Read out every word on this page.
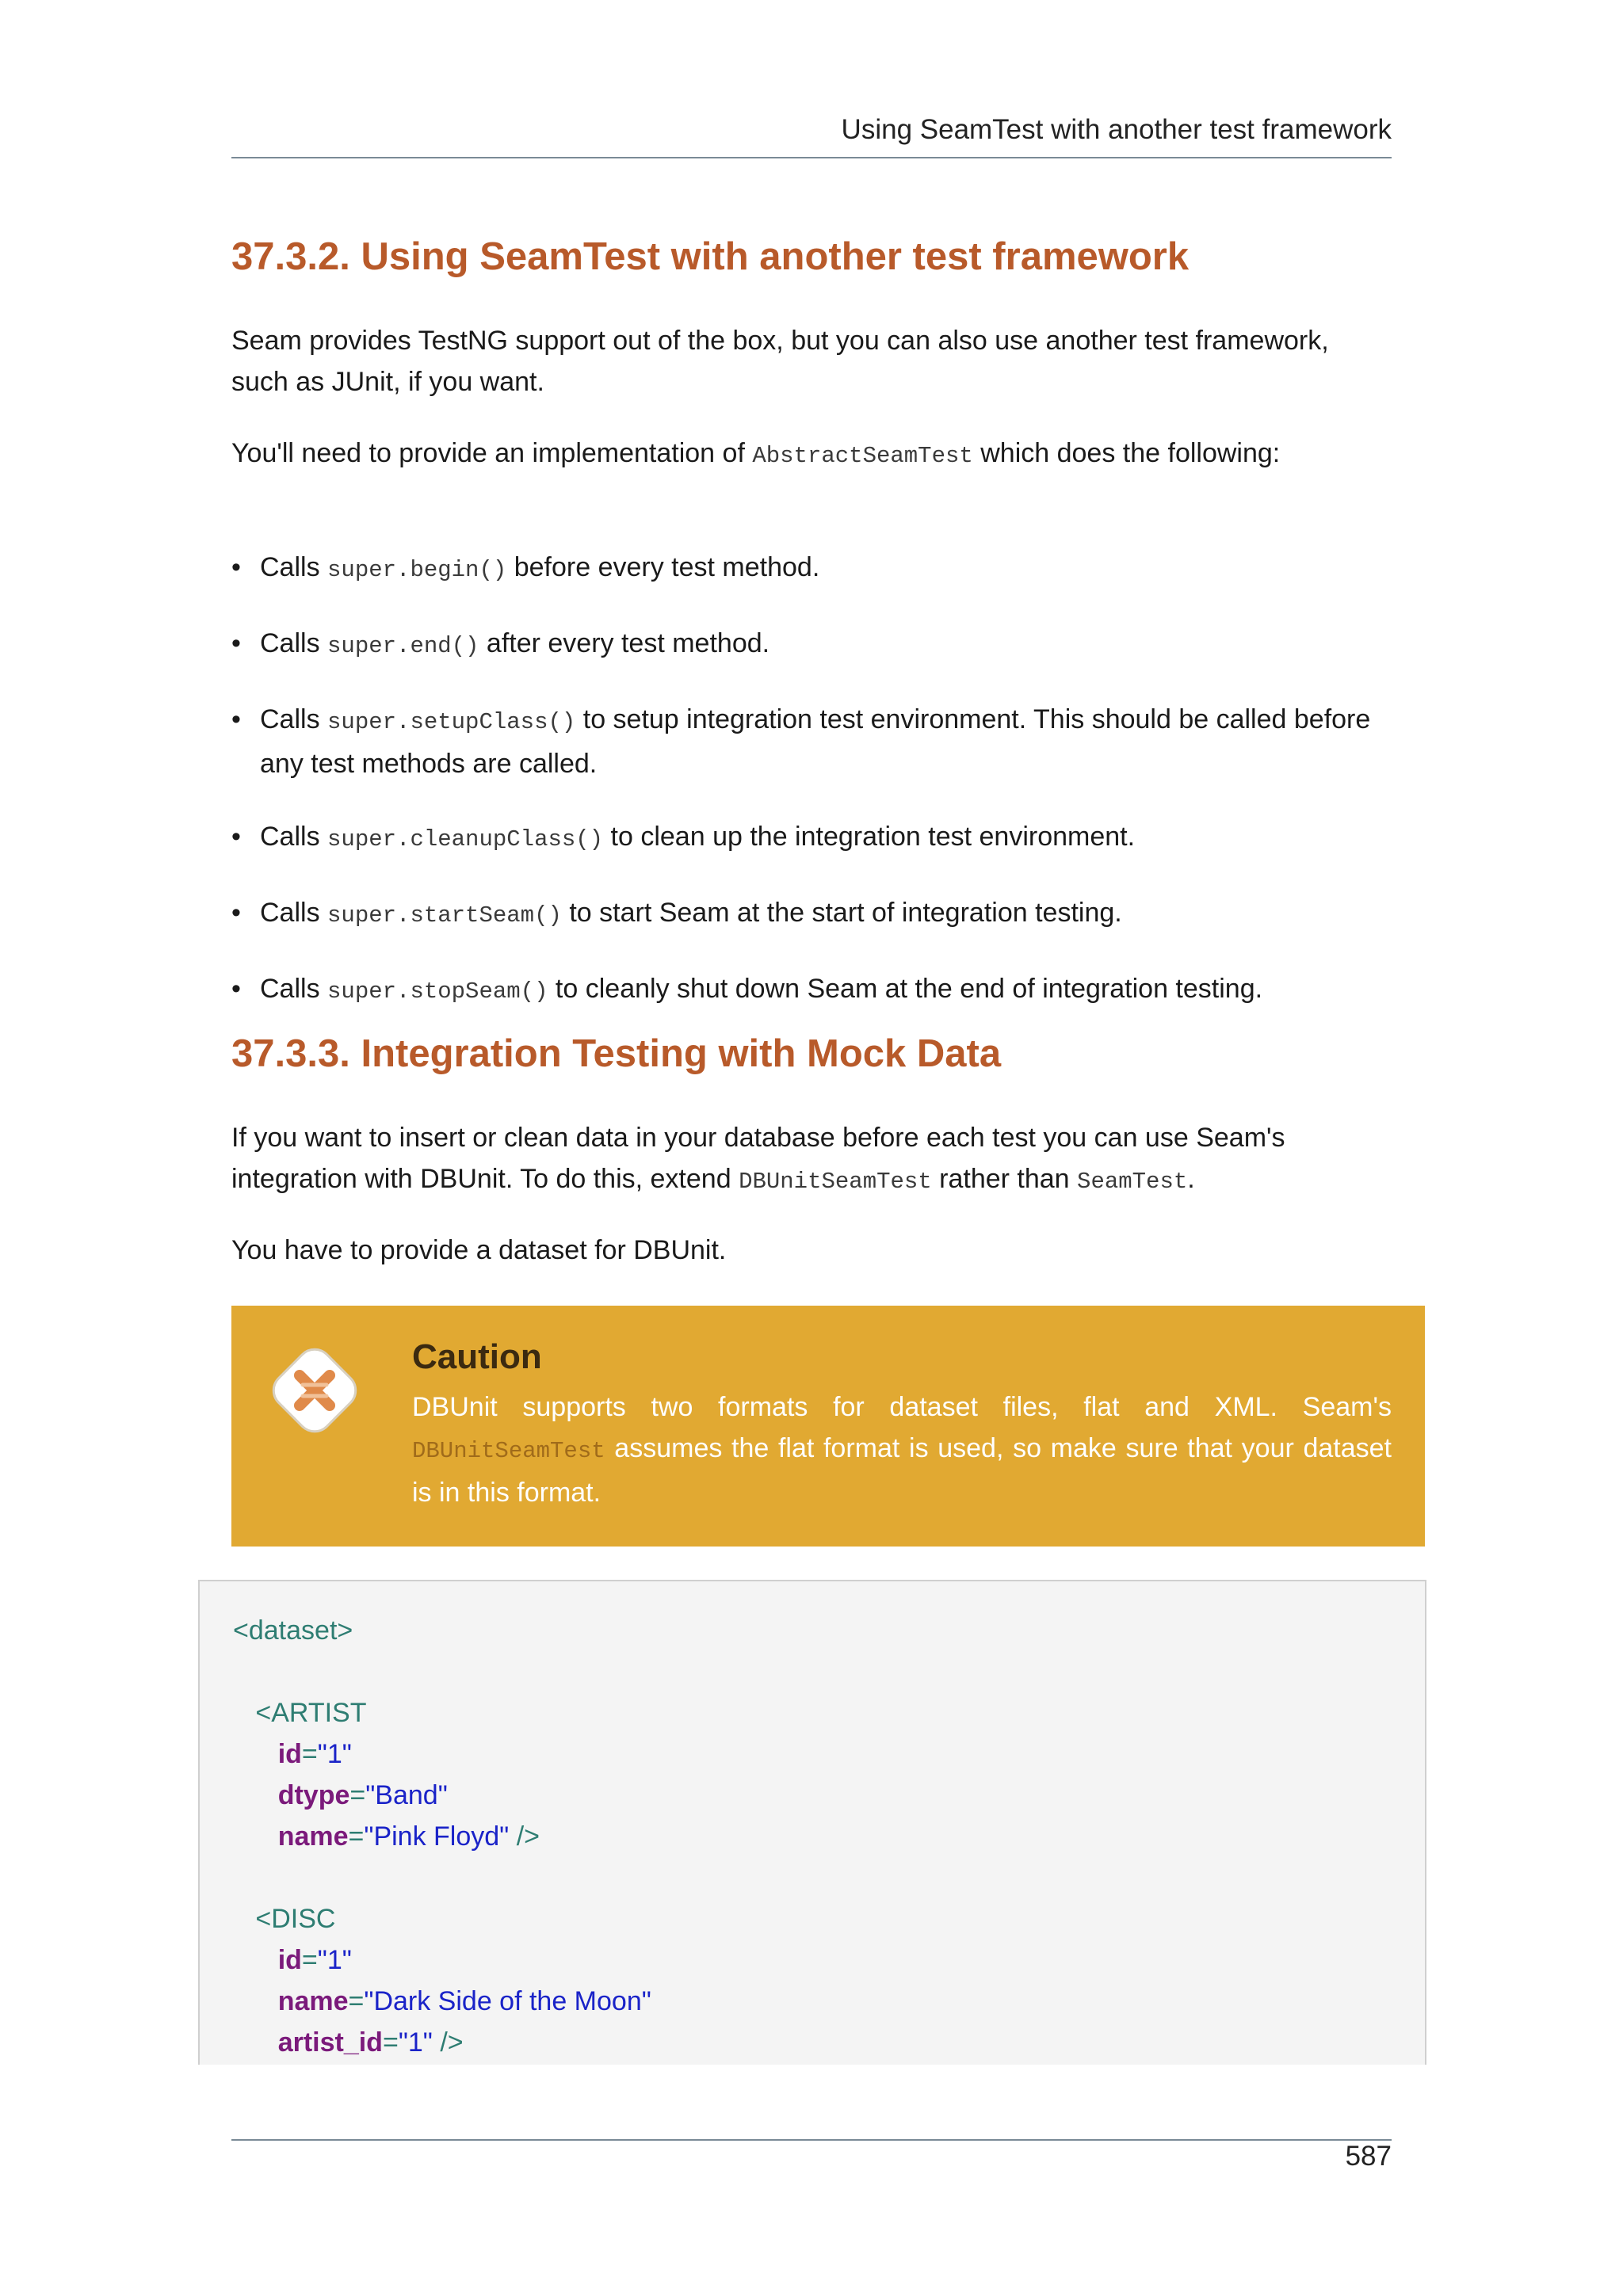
Using SeamTest with another test framework
37.3.2. Using SeamTest with another test framework

Seam provides TestNG support out of the box, but you can also use another test framework, such as JUnit, if you want.

You'll need to provide an implementation of AbstractSeamTest which does the following:

• Calls super.begin() before every test method.
• Calls super.end() after every test method.
• Calls super.setupClass() to setup integration test environment. This should be called before any test methods are called.
• Calls super.cleanupClass() to clean up the integration test environment.
• Calls super.startSeam() to start Seam at the start of integration testing.
• Calls super.stopSeam() to cleanly shut down Seam at the end of integration testing.
37.3.3. Integration Testing with Mock Data

If you want to insert or clean data in your database before each test you can use Seam's integration with DBUnit. To do this, extend DBUnitSeamTest rather than SeamTest.

You have to provide a dataset for DBUnit.

Caution

DBUnit supports two formats for dataset files, flat and XML. Seam's DBUnitSeamTest assumes the flat format is used, so make sure that your dataset is in this format.

<dataset>

<ARTIST
id="1"
dtype="Band"
name="Pink Floyd" />

<DISC
id="1"
name="Dark Side of the Moon"
artist_id="1" />
587
